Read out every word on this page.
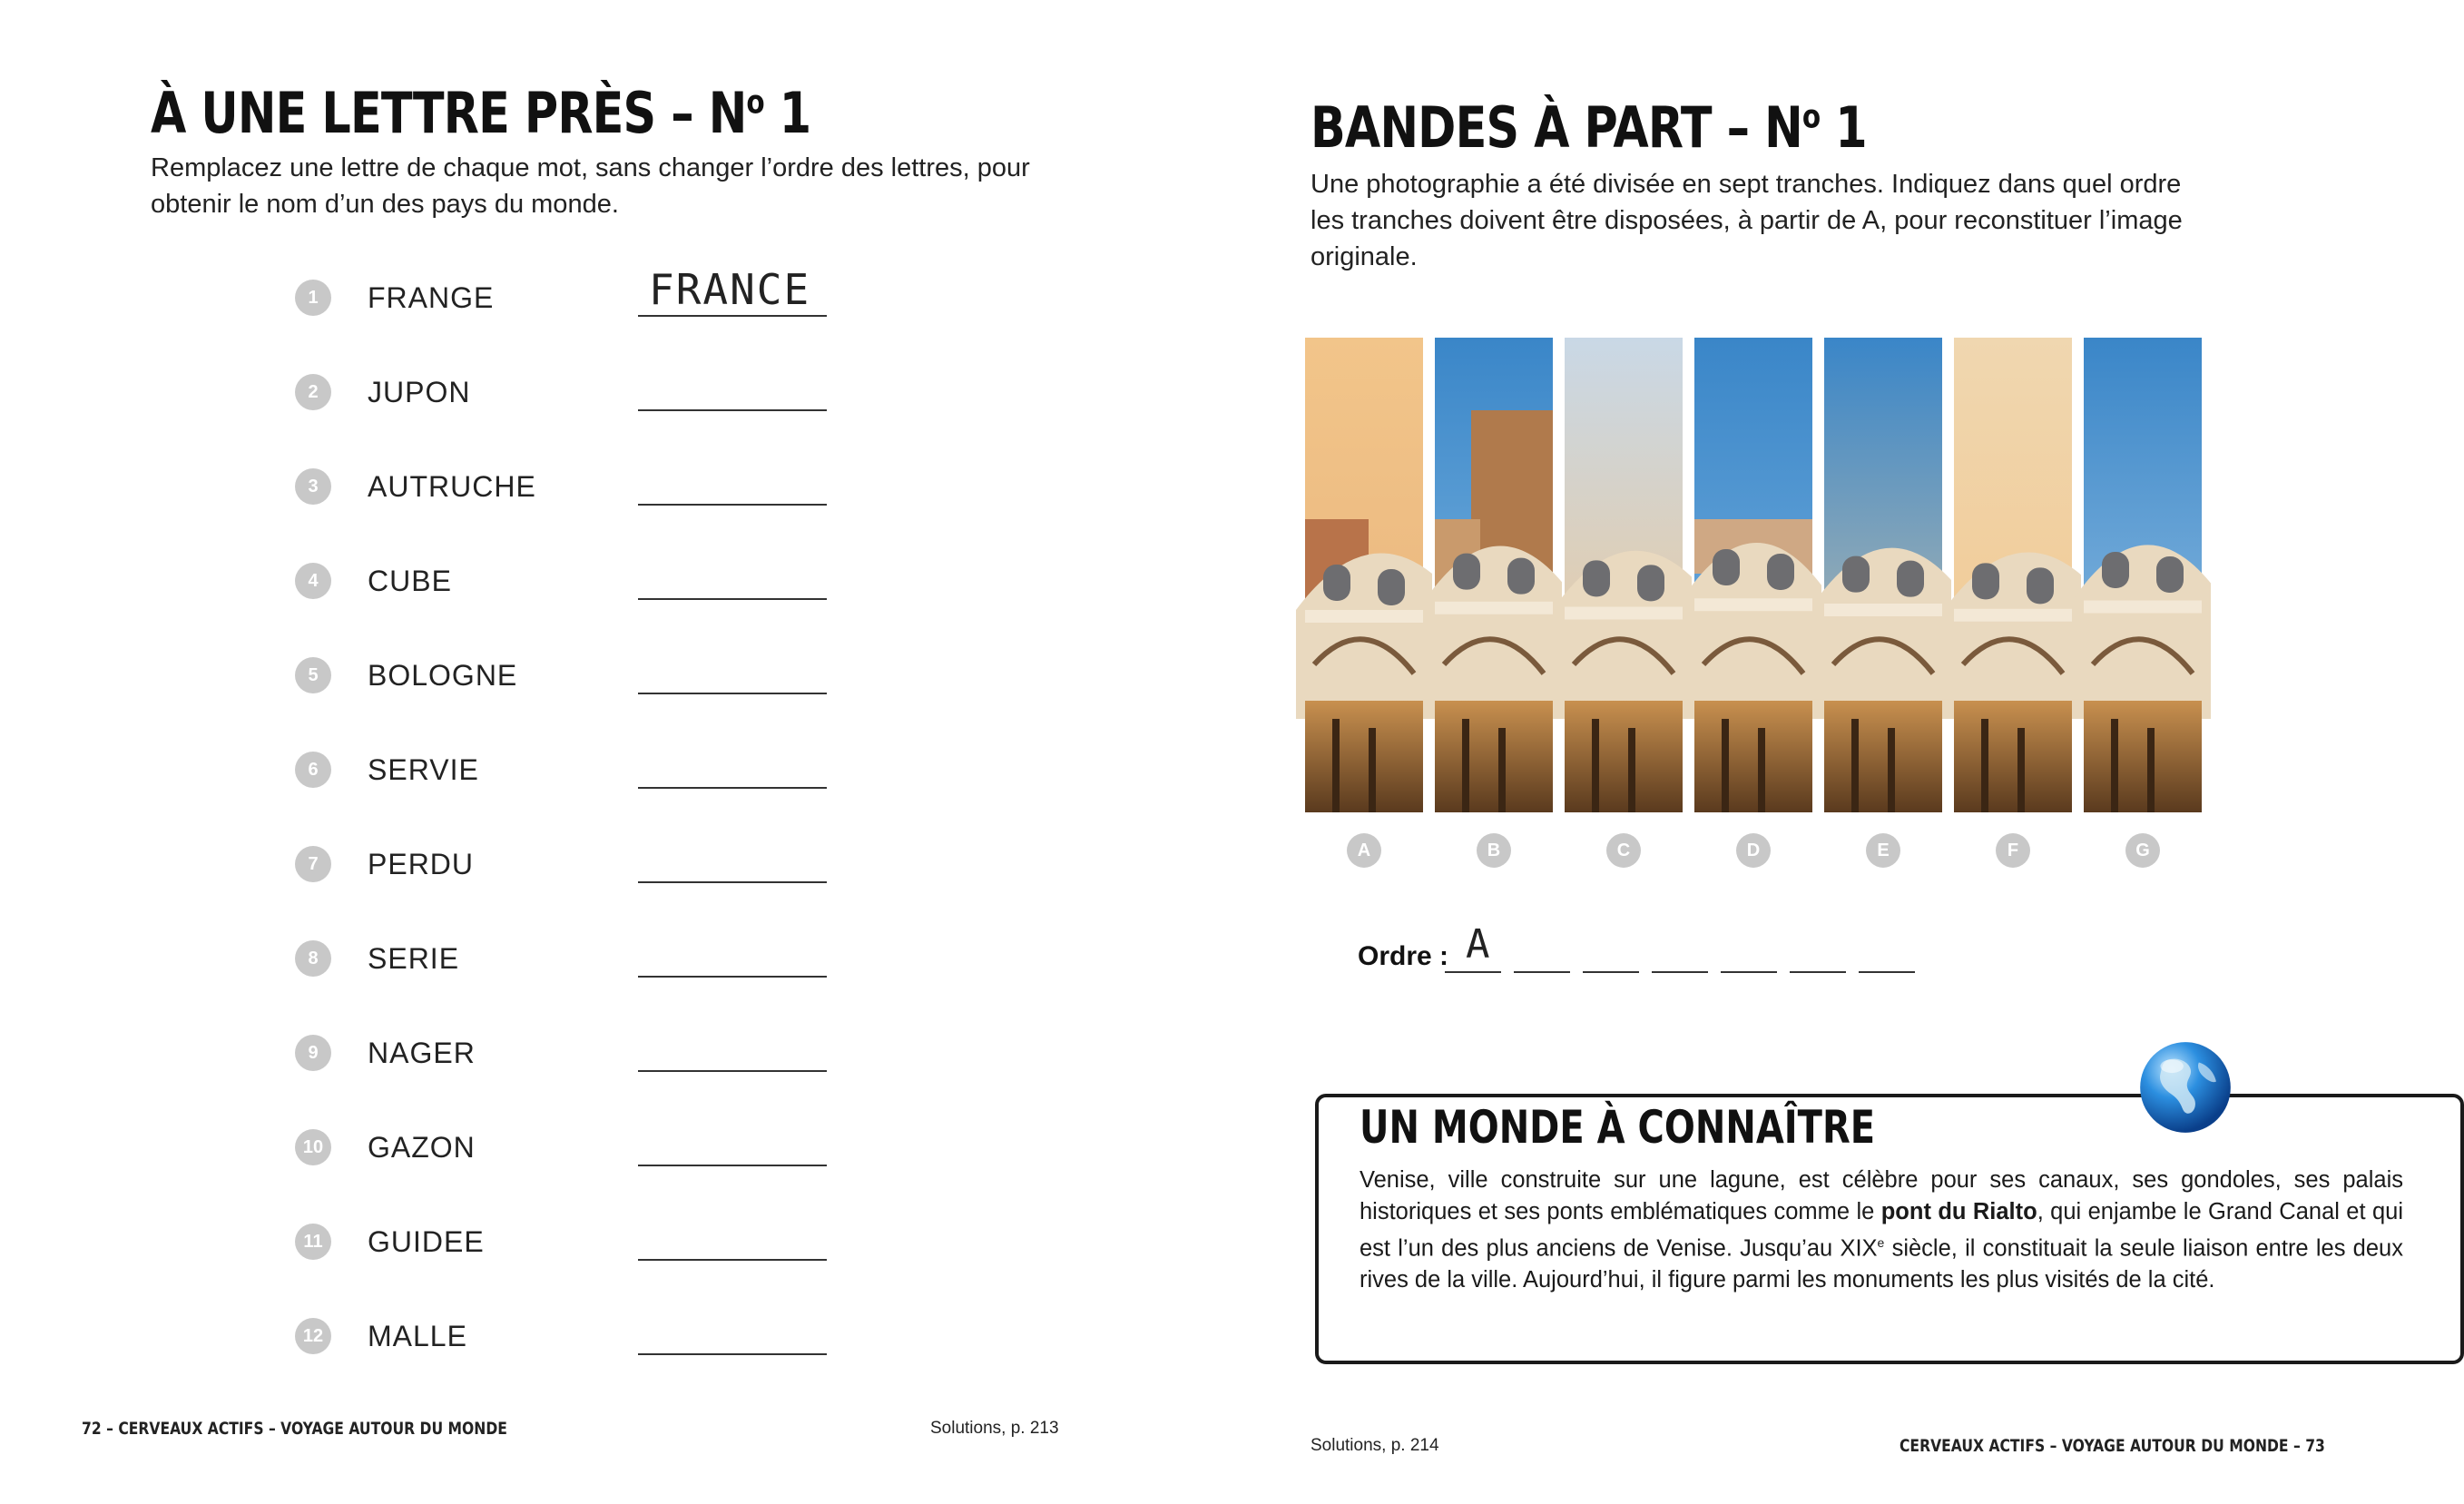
À UNE LETTRE PRÈS – $N^o$ 1
Remplacez une lettre de chaque mot, sans changer l’ordre des lettres, pour
obtenir le nom d’un des pays du monde.
1	FRANGE	FRANCE
2	JUPON
3	AUTRUCHE
4	CUBE
5	BOLOGNE
6	SERVIE
7	PERDU
8	SERIE
9	NAGER
10 GAZON
11 GUIDEE
12 MALLE
72 – CERVEAUX ACTIFS – VOYAGE AUTOUR DU MONDE	Solutions, p. 213
BANDES À PART – $N^o$ 1
Une photographie a été divisée en sept tranches. Indiquez dans quel ordre
les tranches doivent être disposées, à partir de A, pour reconstituer l’image
originale.
A	B	C	D	E	F	G
Ordre : A
UN MONDE À CONNAÎTRE
Venise, ville construite sur une lagune, est célèbre pour ses canaux, ses gondoles, ses palais historiques et ses ponts emblématiques comme le pont du Rialto, qui enjambe le Grand Canal et qui est l’un des plus anciens de Venise. Jusqu’au XIXe siècle, il constituait la seule liaison entre les deux rives de la ville. Aujourd’hui, il figure parmi les monuments les plus visités de la cité.
Solutions, p. 214	CERVEAUX ACTIFS – VOYAGE AUTOUR DU MONDE – 73
